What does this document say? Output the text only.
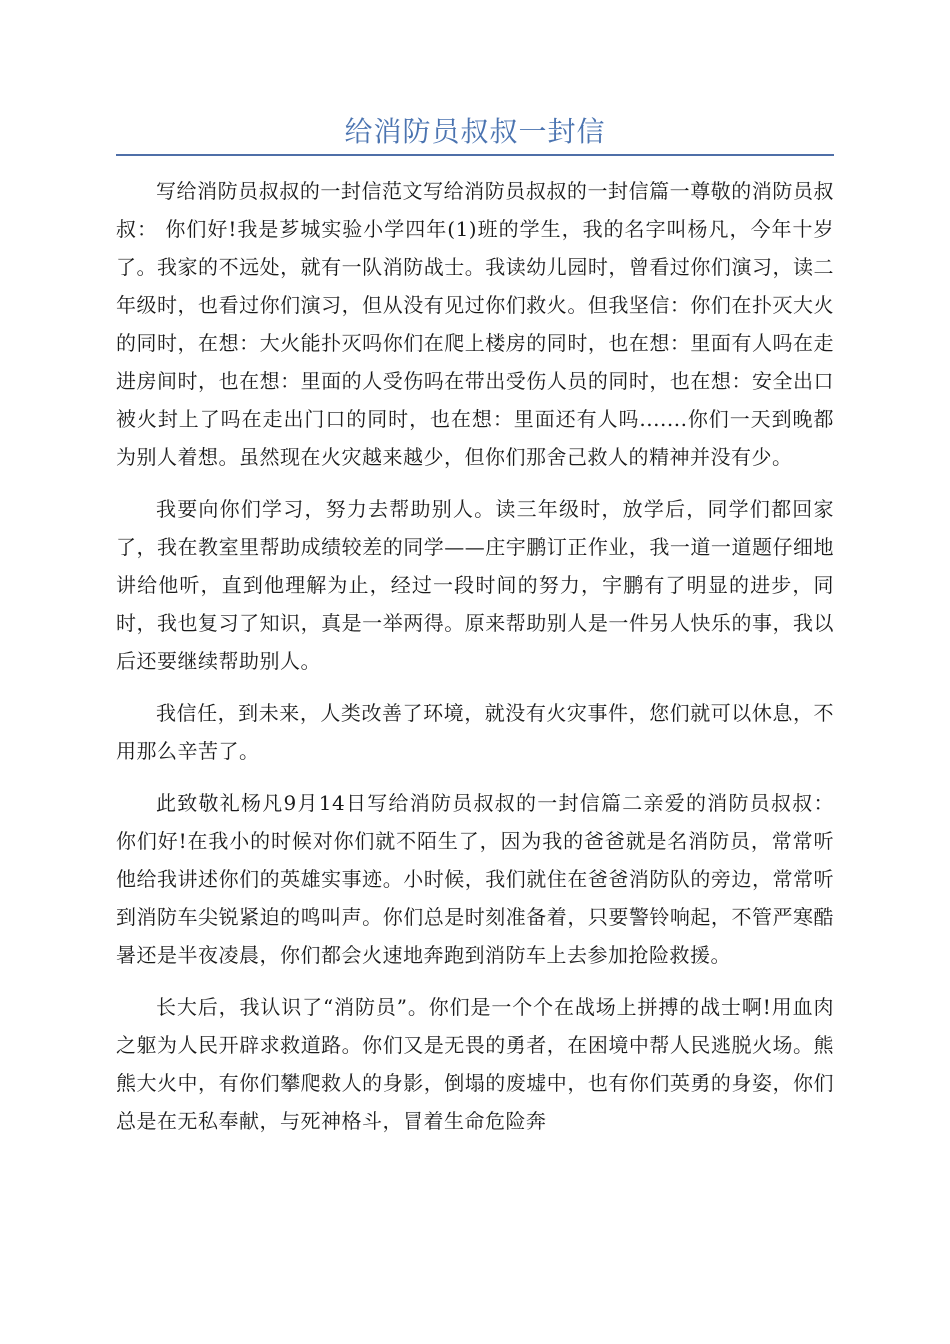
给消防员叔叔一封信

写给消防员叔叔的一封信范文写给消防员叔叔的一封信篇一尊敬的消防员叔叔： 你们好!我是芗城实验小学四年(1)班的学生，我的名字叫杨凡，今年十岁了。我家的不远处，就有一队消防战士。我读幼儿园时，曾看过你们演习，读二年级时，也看过你们演习，但从没有见过你们救火。但我坚信：你们在扑灭大火的同时，在想：大火能扑灭吗你们在爬上楼房的同时，也在想：里面有人吗在走进房间时，也在想：里面的人受伤吗在带出受伤人员的同时，也在想：安全出口被火封上了吗在走出门口的同时，也在想：里面还有人吗.......你们一天到晚都为别人着想。虽然现在火灾越来越少，但你们那舍己救人的精神并没有少。

我要向你们学习，努力去帮助别人。读三年级时，放学后，同学们都回家了，我在教室里帮助成绩较差的同学——庄宇鹏订正作业，我一道一道题仔细地讲给他听，直到他理解为止，经过一段时间的努力，宇鹏有了明显的进步，同时，我也复习了知识，真是一举两得。原来帮助别人是一件另人快乐的事，我以后还要继续帮助别人。

我信任，到未来，人类改善了环境，就没有火灾事件，您们就可以休息，不用那么辛苦了。

此致敬礼杨凡9月14日写给消防员叔叔的一封信篇二亲爱的消防员叔叔： 你们好!在我小的时候对你们就不陌生了，因为我的爸爸就是名消防员，常常听他给我讲述你们的英雄实事迹。小时候，我们就住在爸爸消防队的旁边，常常听到消防车尖锐紧迫的鸣叫声。你们总是时刻准备着，只要警铃响起，不管严寒酷暑还是半夜凌晨，你们都会火速地奔跑到消防车上去参加抢险救援。

长大后，我认识了“消防员”。你们是一个个在战场上拼搏的战士啊!用血肉之躯为人民开辟求救道路。你们又是无畏的勇者，在困境中帮人民逃脱火场。熊熊大火中，有你们攀爬救人的身影，倒塌的废墟中，也有你们英勇的身姿，你们总是在无私奉献，与死神格斗，冒着生命危险奔
